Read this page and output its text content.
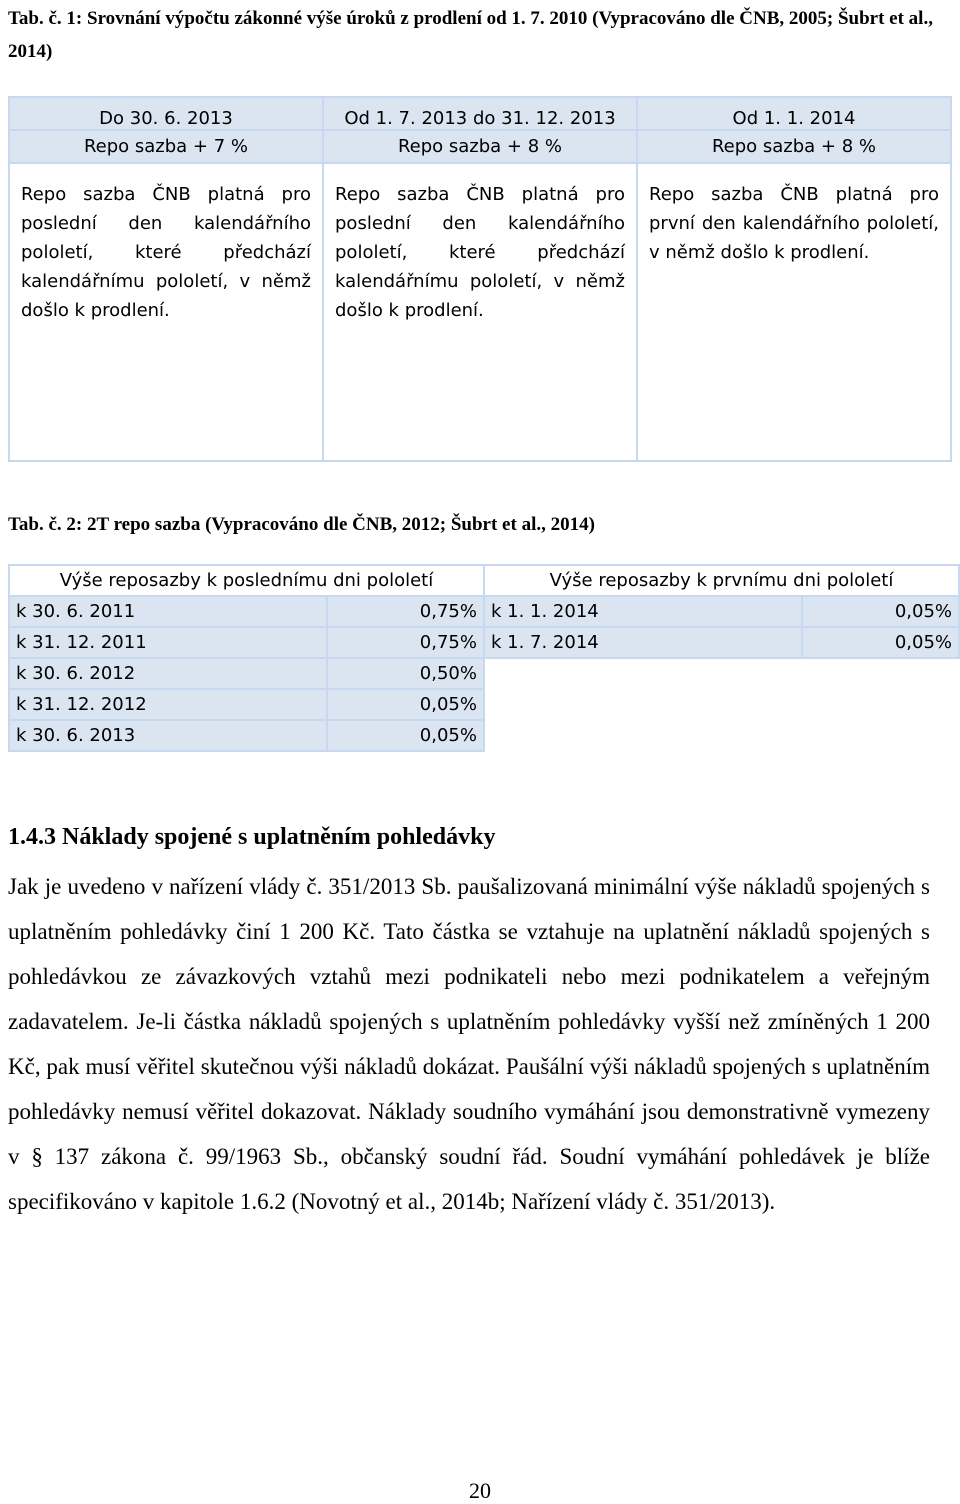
Tab. č. 1: Srovnání výpočtu zákonné výše úroků z prodlení od 1. 7. 2010 (Vypracováno dle ČNB, 2005; Šubrt et al., 2014)
Do 30. 6. 2013	Od 1. 7. 2013 do 31. 12. 2013	Od 1. 1. 2014
Repo sazba + 7 %	Repo sazba + 8 %	Repo sazba + 8 %

Repo sazba ČNB platná pro poslední den kalendářního pololetí, které předchází kalendářnímu pololetí, v němž došlo k prodlení.	Repo sazba ČNB platná pro poslední den kalendářního pololetí, které předchází kalendářnímu pololetí, v němž došlo k prodlení.	Repo sazba ČNB platná pro první den kalendářního pololetí, v němž došlo k prodlení.
Tab. č. 2: 2T repo sazba (Vypracováno dle ČNB, 2012; Šubrt et al., 2014)
Výše reposazby k poslednímu dni pololetí		Výše reposazby k prvnímu dni pololetí	
k 30. 6. 2011	0,75%	k 1. 1. 2014	0,05%
k 31. 12. 2011	0,75%	k 1. 7. 2014	0,05%
k 30. 6. 2012	0,50%		
k 31. 12. 2012	0,05%		
k 30. 6. 2013	0,05%		
1.4.3 Náklady spojené s uplatněním pohledávky
Jak je uvedeno v nařízení vlády č. 351/2013 Sb. paušalizovaná minimální výše nákladů spojených s uplatněním pohledávky činí 1 200 Kč. Tato částka se vztahuje na uplatnění nákladů spojených s pohledávkou ze závazkových vztahů mezi podnikateli nebo mezi podnikatelem a veřejným zadavatelem. Je-li částka nákladů spojených s uplatněním pohledávky vyšší než zmíněných 1 200 Kč, pak musí věřitel skutečnou výši nákladů dokázat. Paušální výši nákladů spojených s uplatněním pohledávky nemusí věřitel dokazovat. Náklady soudního vymáhání jsou demonstrativně vymezeny v § 137 zákona č. 99/1963 Sb., občanský soudní řád. Soudní vymáhání pohledávek je blíže specifikováno v kapitole 1.6.2 (Novotný et al., 2014b; Nařízení vlády č. 351/2013).
20
